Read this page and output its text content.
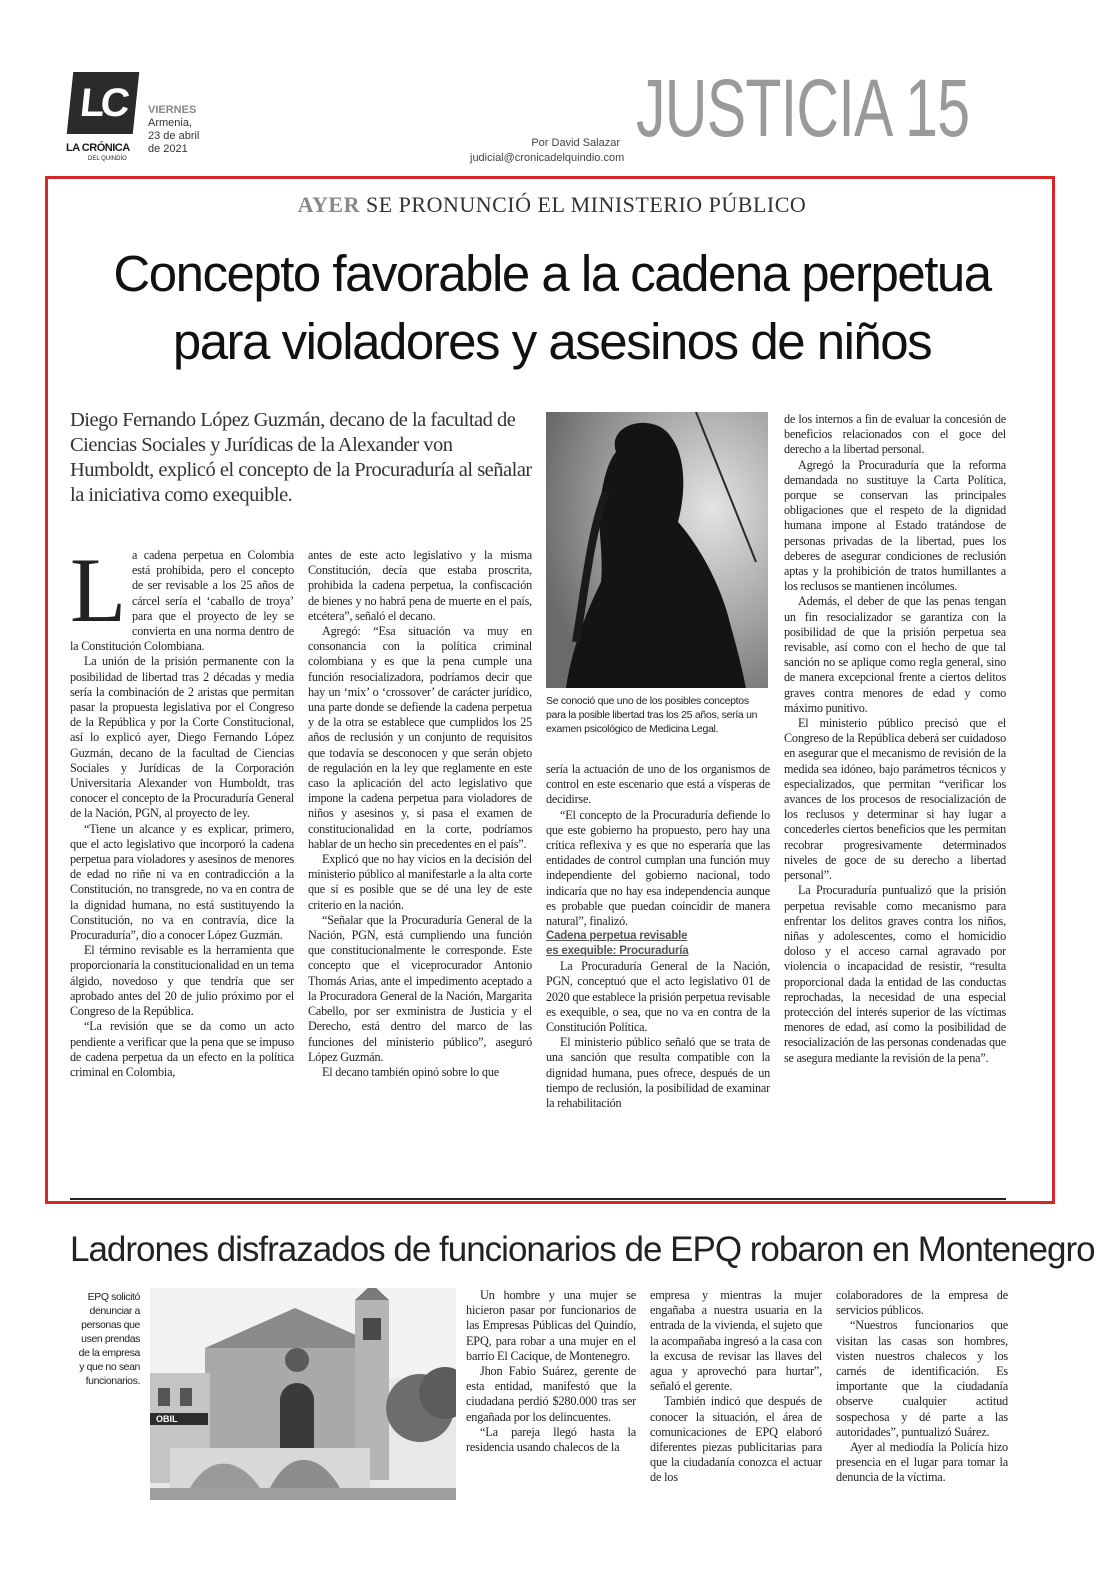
LC
LA CRÓNICA
DEL QUINDÍO
VIERNES
Armenia,
23 de abril
de 2021	Por David Salazar
judicial@cronicadelquindio.com
JUSTICIA 15
AYER SE PRONUNCIÓ EL MINISTERIO PÚBLICO
Concepto favorable a la cadena perpetua
para violadores y asesinos de niños
Diego Fernando López Guzmán, decano de la facultad de Ciencias Sociales y Jurídicas de la Alexander von Humboldt, explicó el concepto de la Procuraduría al señalar la iniciativa como exequible.
L a cadena perpetua en Colombia está prohibida, pero el concepto de ser revisable a los 25 años de cárcel sería el ‘caballo de troya’ para que el proyecto de ley se convierta en una norma dentro de la Constitución Colombiana.

La unión de la prisión permanente con la posibilidad de libertad tras 2 décadas y media sería la combinación de 2 aristas que permitan pasar la propuesta legislativa por el Congreso de la República y por la Corte Constitucional, así lo explicó ayer, Diego Fernando López Guzmán, decano de la facultad de Ciencias Sociales y Jurídicas de la Corporación Universitaria Alexander von Humboldt, tras conocer el concepto de la Procuraduría General de la Nación, PGN, al proyecto de ley.

“Tiene un alcance y es explicar, primero, que el acto legislativo que incorporó la cadena perpetua para violadores y asesinos de menores de edad no riñe ni va en contradicción a la Constitución, no transgrede, no va en contra de la dignidad humana, no está sustituyendo la Constitución, no va en contravía, dice la Procuraduría”, dio a conocer López Guzmán.

El término revisable es la herramienta que proporcionaría la constitucionalidad en un tema álgido, novedoso y que tendría que ser aprobado antes del 20 de julio próximo por el Congreso de la República.

“La revisión que se da como un acto pendiente a verificar que la pena que se impuso de cadena perpetua da un efecto en la política criminal en Colombia,

antes de este acto legislativo y la misma Constitución, decía que estaba proscrita, prohibida la cadena perpetua, la confiscación de bienes y no habrá pena de muerte en el país, etcétera”, señaló el decano.

Agregó: “Esa situación va muy en consonancia con la política criminal colombiana y es que la pena cumple una función resocializadora, podríamos decir que hay un ‘mix’ o ‘crossover’ de carácter jurídico, una parte donde se defiende la cadena perpetua y de la otra se establece que cumplidos los 25 años de reclusión y un conjunto de requisitos que todavía se desconocen y que serán objeto de regulación en la ley que reglamente en este caso la aplicación del acto legislativo que impone la cadena perpetua para violadores de niños y asesinos y, si pasa el examen de constitucionalidad en la corte, podríamos hablar de un hecho sin precedentes en el país”.

Explicó que no hay vicios en la decisión del ministerio público al manifestarle a la alta corte que sí es posible que se dé una ley de este criterio en la nación.

“Señalar que la Procuraduría General de la Nación, PGN, está cumpliendo una función que constitucionalmente le corresponde. Este concepto que el viceprocurador Antonio Thomás Arias, ante el impedimento aceptado a la Procuradora General de la Nación, Margarita Cabello, por ser exministra de Justicia y el Derecho, está dentro del marco de las funciones del ministerio público”, aseguró López Guzmán.

El decano también opinó sobre lo que

Se conoció que uno de los posibles conceptos para la posible libertad tras los 25 años, sería un examen psicológico de Medicina Legal.

sería la actuación de uno de los organismos de control en este escenario que está a vísperas de decidirse.

“El concepto de la Procuraduría defiende lo que este gobierno ha propuesto, pero hay una crítica reflexiva y es que no esperaría que las entidades de control cumplan una función muy independiente del gobierno nacional, todo indicaría que no hay esa independencia aunque es probable que puedan coincidir de manera natural”, finalizó.

Cadena perpetua revisable
es exequible: Procuraduría

La Procuraduría General de la Nación, PGN, conceptuó que el acto legislativo 01 de 2020 que establece la prisión perpetua revisable es exequible, o sea, que no va en contra de la Constitución Política.

El ministerio público señaló que se trata de una sanción que resulta compatible con la dignidad humana, pues ofrece, después de un tiempo de reclusión, la posibilidad de examinar la rehabilitación

de los internos a fin de evaluar la concesión de beneficios relacionados con el goce del derecho a la libertad personal.

Agregó la Procuraduría que la reforma demandada no sustituye la Carta Política, porque se conservan las principales obligaciones que el respeto de la dignidad humana impone al Estado tratándose de personas privadas de la libertad, pues los deberes de asegurar condiciones de reclusión aptas y la prohibición de tratos humillantes a los reclusos se mantienen incólumes.

Además, el deber de que las penas tengan un fin resocializador se garantiza con la posibilidad de que la prisión perpetua sea revisable, así como con el hecho de que tal sanción no se aplique como regla general, sino de manera excepcional frente a ciertos delitos graves contra menores de edad y como máximo punitivo.

El ministerio público precisó que el Congreso de la República deberá ser cuidadoso en asegurar que el mecanismo de revisión de la medida sea idóneo, bajo parámetros técnicos y especializados, que permitan “verificar los avances de los procesos de resocialización de los reclusos y determinar si hay lugar a concederles ciertos beneficios que les permitan recobrar progresivamente determinados niveles de goce de su derecho a libertad personal”.

La Procuraduría puntualizó que la prisión perpetua revisable como mecanismo para enfrentar los delitos graves contra los niños, niñas y adolescentes, como el homicidio doloso y el acceso carnal agravado por violencia o incapacidad de resistir, “resulta proporcional dada la entidad de las conductas reprochadas, la necesidad de una especial protección del interés superior de las víctimas menores de edad, así como la posibilidad de resocialización de las personas condenadas que se asegura mediante la revisión de la pena”.

Ladrones disfrazados de funcionarios de EPQ robaron en Montenegro
EPQ solicitó denunciar a personas que usen prendas de la empresa y que no sean funcionarios.
OBIL

Un hombre y una mujer se hicieron pasar por funcionarios de las Empresas Públicas del Quindío, EPQ, para robar a una mujer en el barrio El Cacique, de Montenegro.

Jhon Fabio Suárez, gerente de esta entidad, manifestó que la ciudadana perdió $280.000 tras ser engañada por los delincuentes.

“La pareja llegó hasta la residencia usando chalecos de la

empresa y mientras la mujer engañaba a nuestra usuaria en la entrada de la vivienda, el sujeto que la acompañaba ingresó a la casa con la excusa de revisar las llaves del agua y aprovechó para hurtar”, señaló el gerente.

También indicó que después de conocer la situación, el área de comunicaciones de EPQ elaboró diferentes piezas publicitarias para que la ciudadanía conozca el actuar de los

colaboradores de la empresa de servicios públicos.

“Nuestros funcionarios que visitan las casas son hombres, visten nuestros chalecos y los carnés de identificación. Es importante que la ciudadanía observe cualquier actitud sospechosa y dé parte a las autoridades”, puntualizó Suárez.

Ayer al mediodía la Policía hizo presencia en el lugar para tomar la denuncia de la víctima.
